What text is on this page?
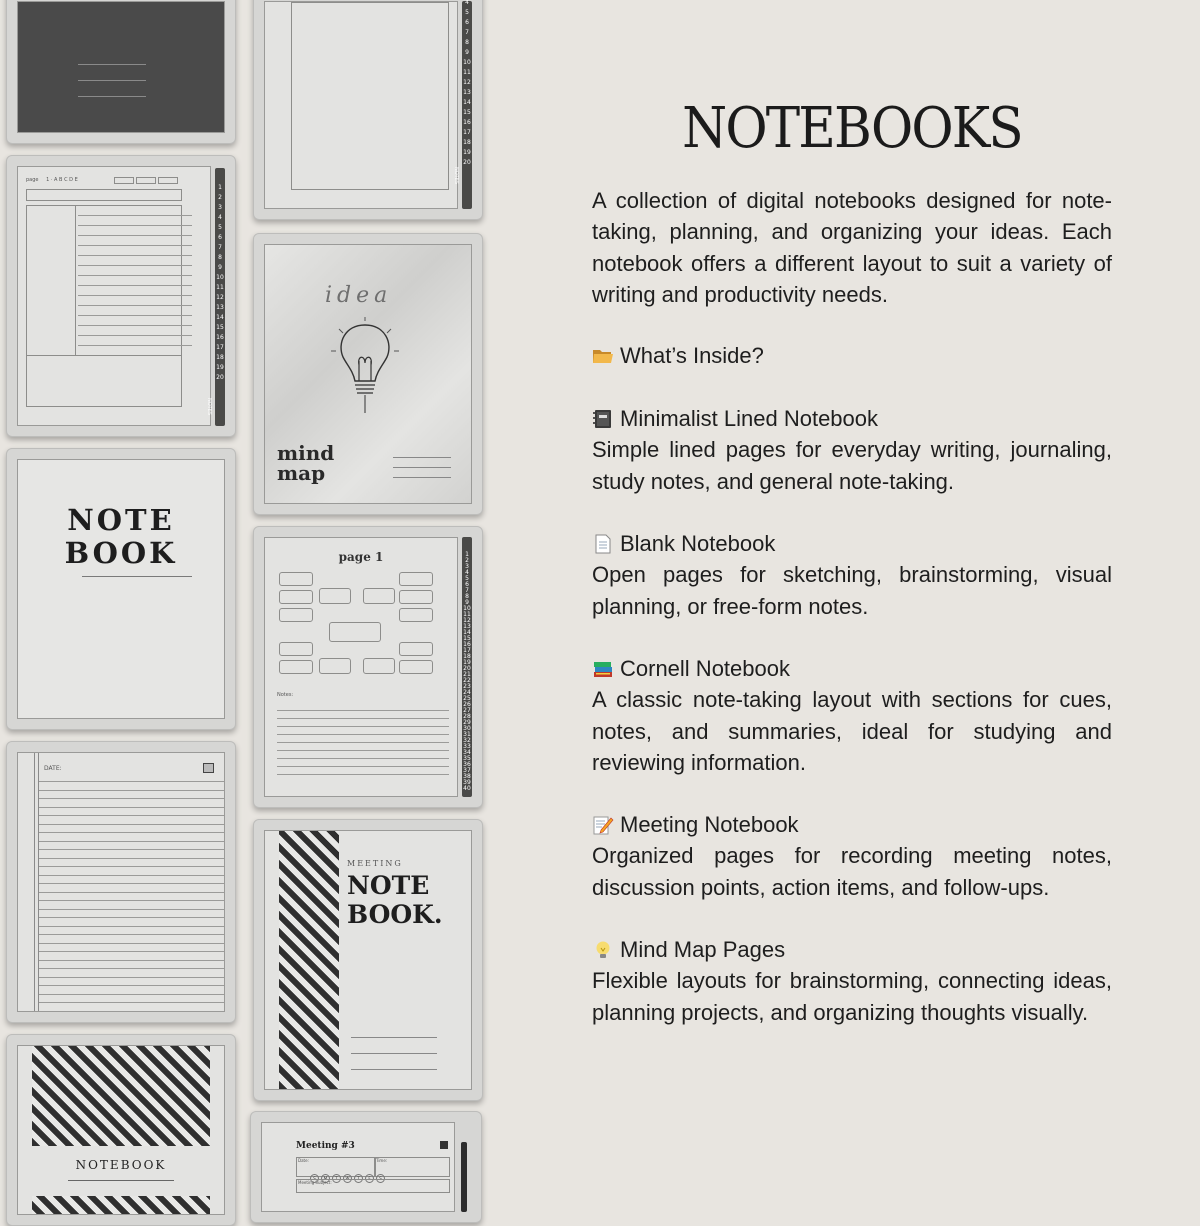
page 1 · A B C D E
1
2
3
4
5
6
7
8
9
10
11
12
13
14
15
16
17
18
19
20
NOTES
NOTE
BOOK
DATE:
NOTEBOOK
4
5
6
7
8
9
10
11
12
13
14
15
16
17
18
19
20
NOTES
idea
mind
map
page 1
Notes:
1
2
3
4
5
6
7
8
9
10
11
12
13
14
15
16
17
18
19
20
21
22
23
24
25
26
27
28
29
30
31
32
33
34
35
36
37
38
39
40
MEETING
NOTE
BOOK.
Meeting #3
Date:	Time:
S M T W T F S
Meeting Subject:
NOTEBOOKS

A collection of digital notebooks designed for note-taking, planning, and organizing your ideas. Each notebook offers a different layout to suit a variety of writing and productivity needs.

What’s Inside?

Minimalist Lined Notebook
Simple lined pages for everyday writing, journaling, study notes, and general note-taking.

Blank Notebook
Open pages for sketching, brainstorming, visual planning, or free-form notes.

Cornell Notebook
A classic note-taking layout with sections for cues, notes, and summaries, ideal for studying and reviewing information.

Meeting Notebook
Organized pages for recording meeting notes, discussion points, action items, and follow-ups.

Mind Map Pages
Flexible layouts for brainstorming, connecting ideas, planning projects, and organizing thoughts visually.
